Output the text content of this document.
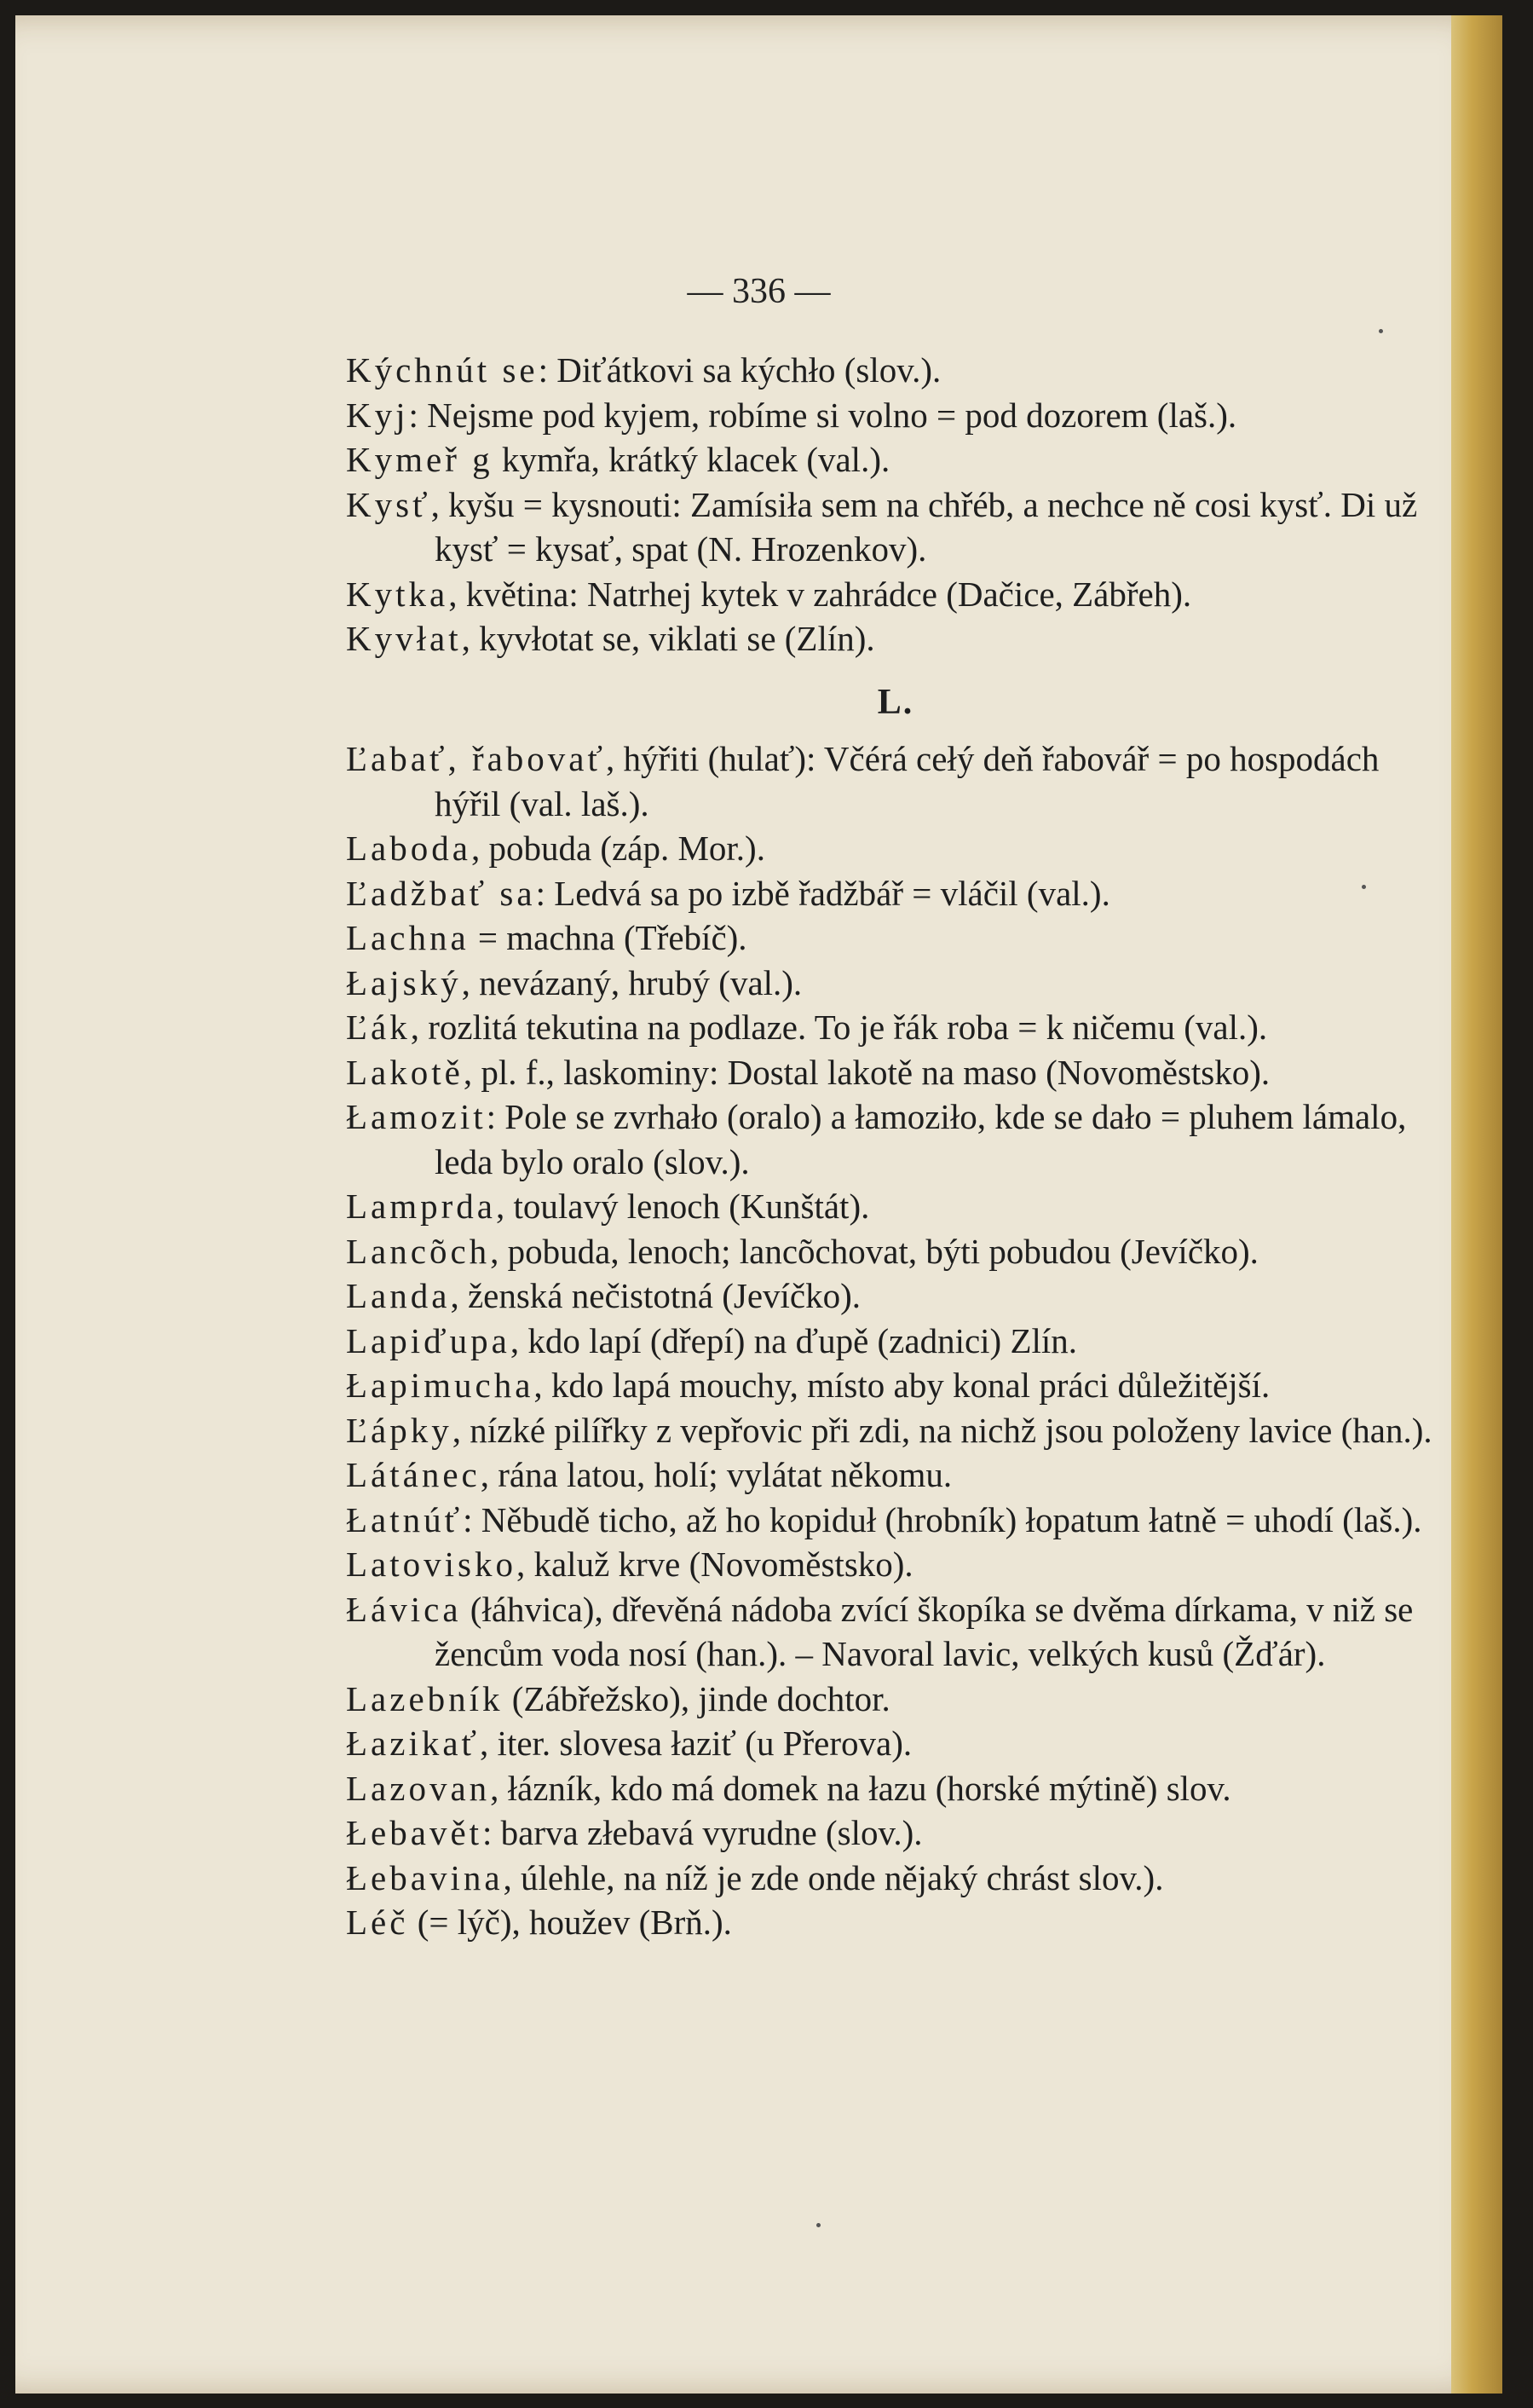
— 336 —

Kýchnút se: Diťátkovi sa kýchło (slov.).

Kyj: Nejsme pod kyjem, robíme si volno = pod dozorem (laš.).

Kymeř g kymřa, krátký klacek (val.).

Kysť, kyšu = kysnouti: Zamísiła sem na chřéb, a nechce ně cosi kysť. Di už kysť = kysať, spat (N. Hrozenkov).

Kytka, květina: Natrhej kytek v zahrádce (Dačice, Zábřeh).

Kyvłat, kyvłotat se, viklati se (Zlín).

L.

Ľabať, řabovať, hýřiti (hulať): Včérá cełý deň řabovář = po hospodách hýřil (val. laš.).

Laboda, pobuda (záp. Mor.).

Ľadžbať sa: Ledvá sa po izbě řadžbář = vláčil (val.).

Lachna = machna (Třebíč).

Łajský, nevázaný, hrubý (val.).

Ľák, rozlitá tekutina na podlaze. To je řák roba = k ničemu (val.).

Lakotě, pl. f., laskominy: Dostal lakotě na maso (Novoměstsko).

Łamozit: Pole se zvrhało (oralo) a łamoziło, kde se dało = pluhem lámalo, leda bylo oralo (slov.).

Lamprda, toulavý lenoch (Kunštát).

Lancõch, pobuda, lenoch; lancõchovat, býti pobudou (Jevíčko).

Landa, ženská nečistotná (Jevíčko).

Lapiďupa, kdo lapí (dřepí) na ďupě (zadnici) Zlín.

Łapimucha, kdo lapá mouchy, místo aby konal práci důležitější.

Ľápky, nízké pilířky z vepřovic při zdi, na nichž jsou položeny lavice (han.).

Látánec, rána latou, holí; vylátat někomu.

Łatnúť: Něbudě ticho, až ho kopiduł (hrobník) łopatum łatně = uhodí (laš.).

Latovisko, kaluž krve (Novoměstsko).

Łávica (łáhvica), dřevěná nádoba zvící škopíka se dvěma dírkama, v niž se žencům voda nosí (han.). – Navoral lavic, velkých kusů (Žďár).

Lazebník (Zábřežsko), jinde dochtor.

Łazikať, iter. slovesa łaziť (u Přerova).

Lazovan, łázník, kdo má domek na łazu (horské mýtině) slov.

Łebavět: barva złebavá vyrudne (slov.).

Łebavina, úlehle, na níž je zde onde nějaký chrást slov.).

Léč (= lýč), houžev (Brň.).
